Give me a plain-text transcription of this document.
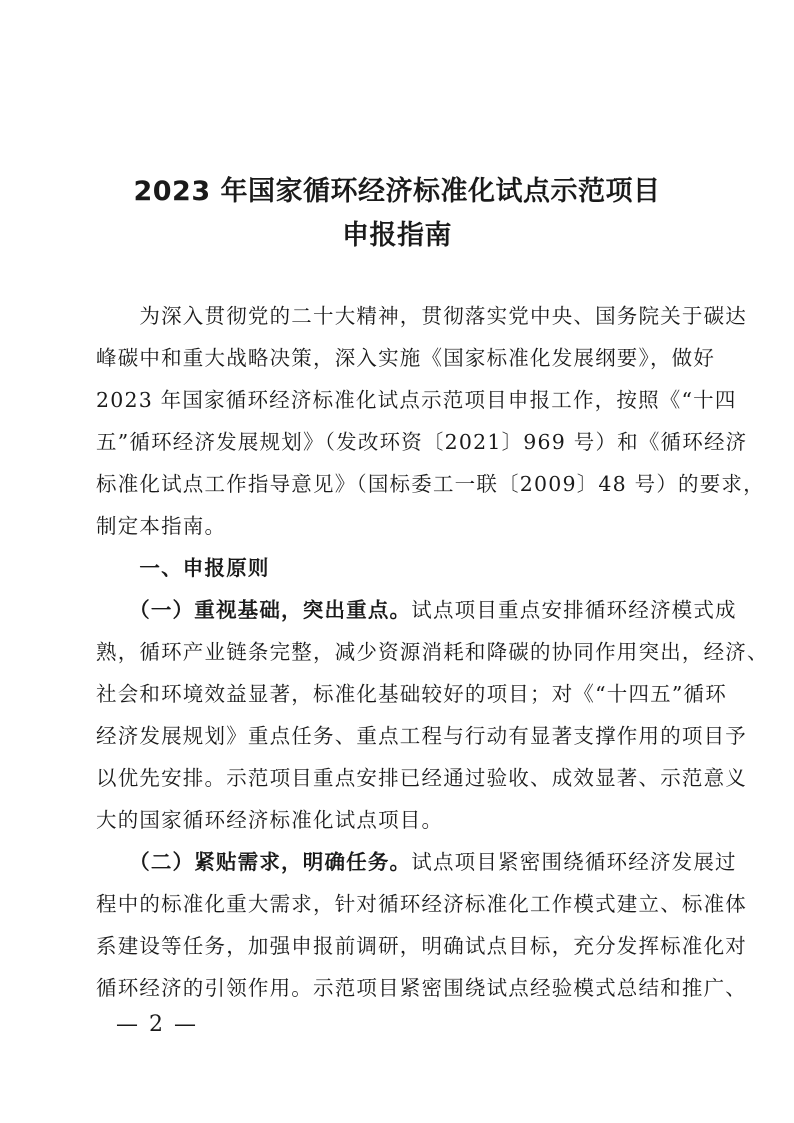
2023 年国家循环经济标准化试点示范项目
申报指南
　　为深入贯彻党的二十大精神，贯彻落实党中央、国务院关于碳达
峰碳中和重大战略决策，深入实施《国家标准化发展纲要》，做好
2023 年国家循环经济标准化试点示范项目申报工作，按照《“十四
五”循环经济发展规划》（发改环资〔2021〕969 号）和《循环经济
标准化试点工作指导意见》（国标委工一联〔2009〕48 号）的要求，
制定本指南。
　　一、申报原则
　　（一）重视基础，突出重点。试点项目重点安排循环经济模式成
熟，循环产业链条完整，减少资源消耗和降碳的协同作用突出，经济、
社会和环境效益显著，标准化基础较好的项目；对《“十四五”循环
经济发展规划》重点任务、重点工程与行动有显著支撑作用的项目予
以优先安排。示范项目重点安排已经通过验收、成效显著、示范意义
大的国家循环经济标准化试点项目。
　　（二）紧贴需求，明确任务。试点项目紧密围绕循环经济发展过
程中的标准化重大需求，针对循环经济标准化工作模式建立、标准体
系建设等任务，加强申报前调研，明确试点目标，充分发挥标准化对
循环经济的引领作用。示范项目紧密围绕试点经验模式总结和推广、
— 2 —
